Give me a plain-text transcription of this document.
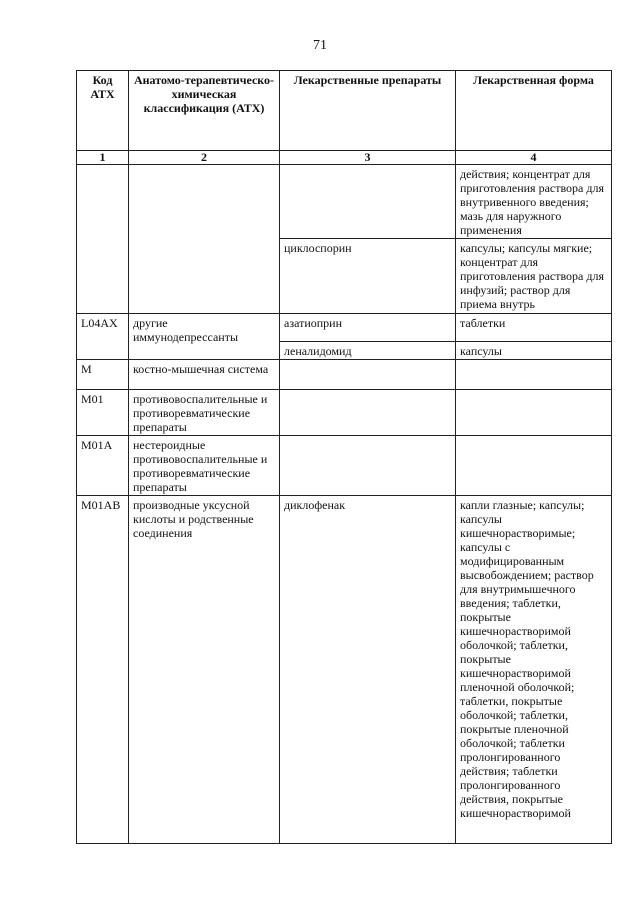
71
Код АТХ	Анатомо-терапевтическо-химическая классификация (АТХ)	Лекарственные препараты	Лекарственная форма
1	2	3	4
			действия; концентрат для приготовления раствора для внутривенного введения; мазь для наружного применения
		циклоспорин	капсулы; капсулы мягкие; концентрат для приготовления раствора для инфузий; раствор для приема внутрь
L04AX	другие иммунодепрессанты	азатиоприн	таблетки
		леналидомид	капсулы
M	костно-мышечная система		
M01	противовоспалительные и противоревматические препараты		
M01A	нестероидные противовоспалительные и противоревматические препараты		
M01AB	производные уксусной кислоты и родственные соединения	диклофенак	капли глазные; капсулы; капсулы кишечнорастворимые; капсулы с модифицированным высвобождением; раствор для внутримышечного введения; таблетки, покрытые кишечнорастворимой оболочкой; таблетки, покрытые кишечнорастворимой пленочной оболочкой; таблетки, покрытые оболочкой; таблетки, покрытые пленочной оболочкой; таблетки пролонгированного действия; таблетки пролонгированного действия, покрытые кишечнорастворимой
